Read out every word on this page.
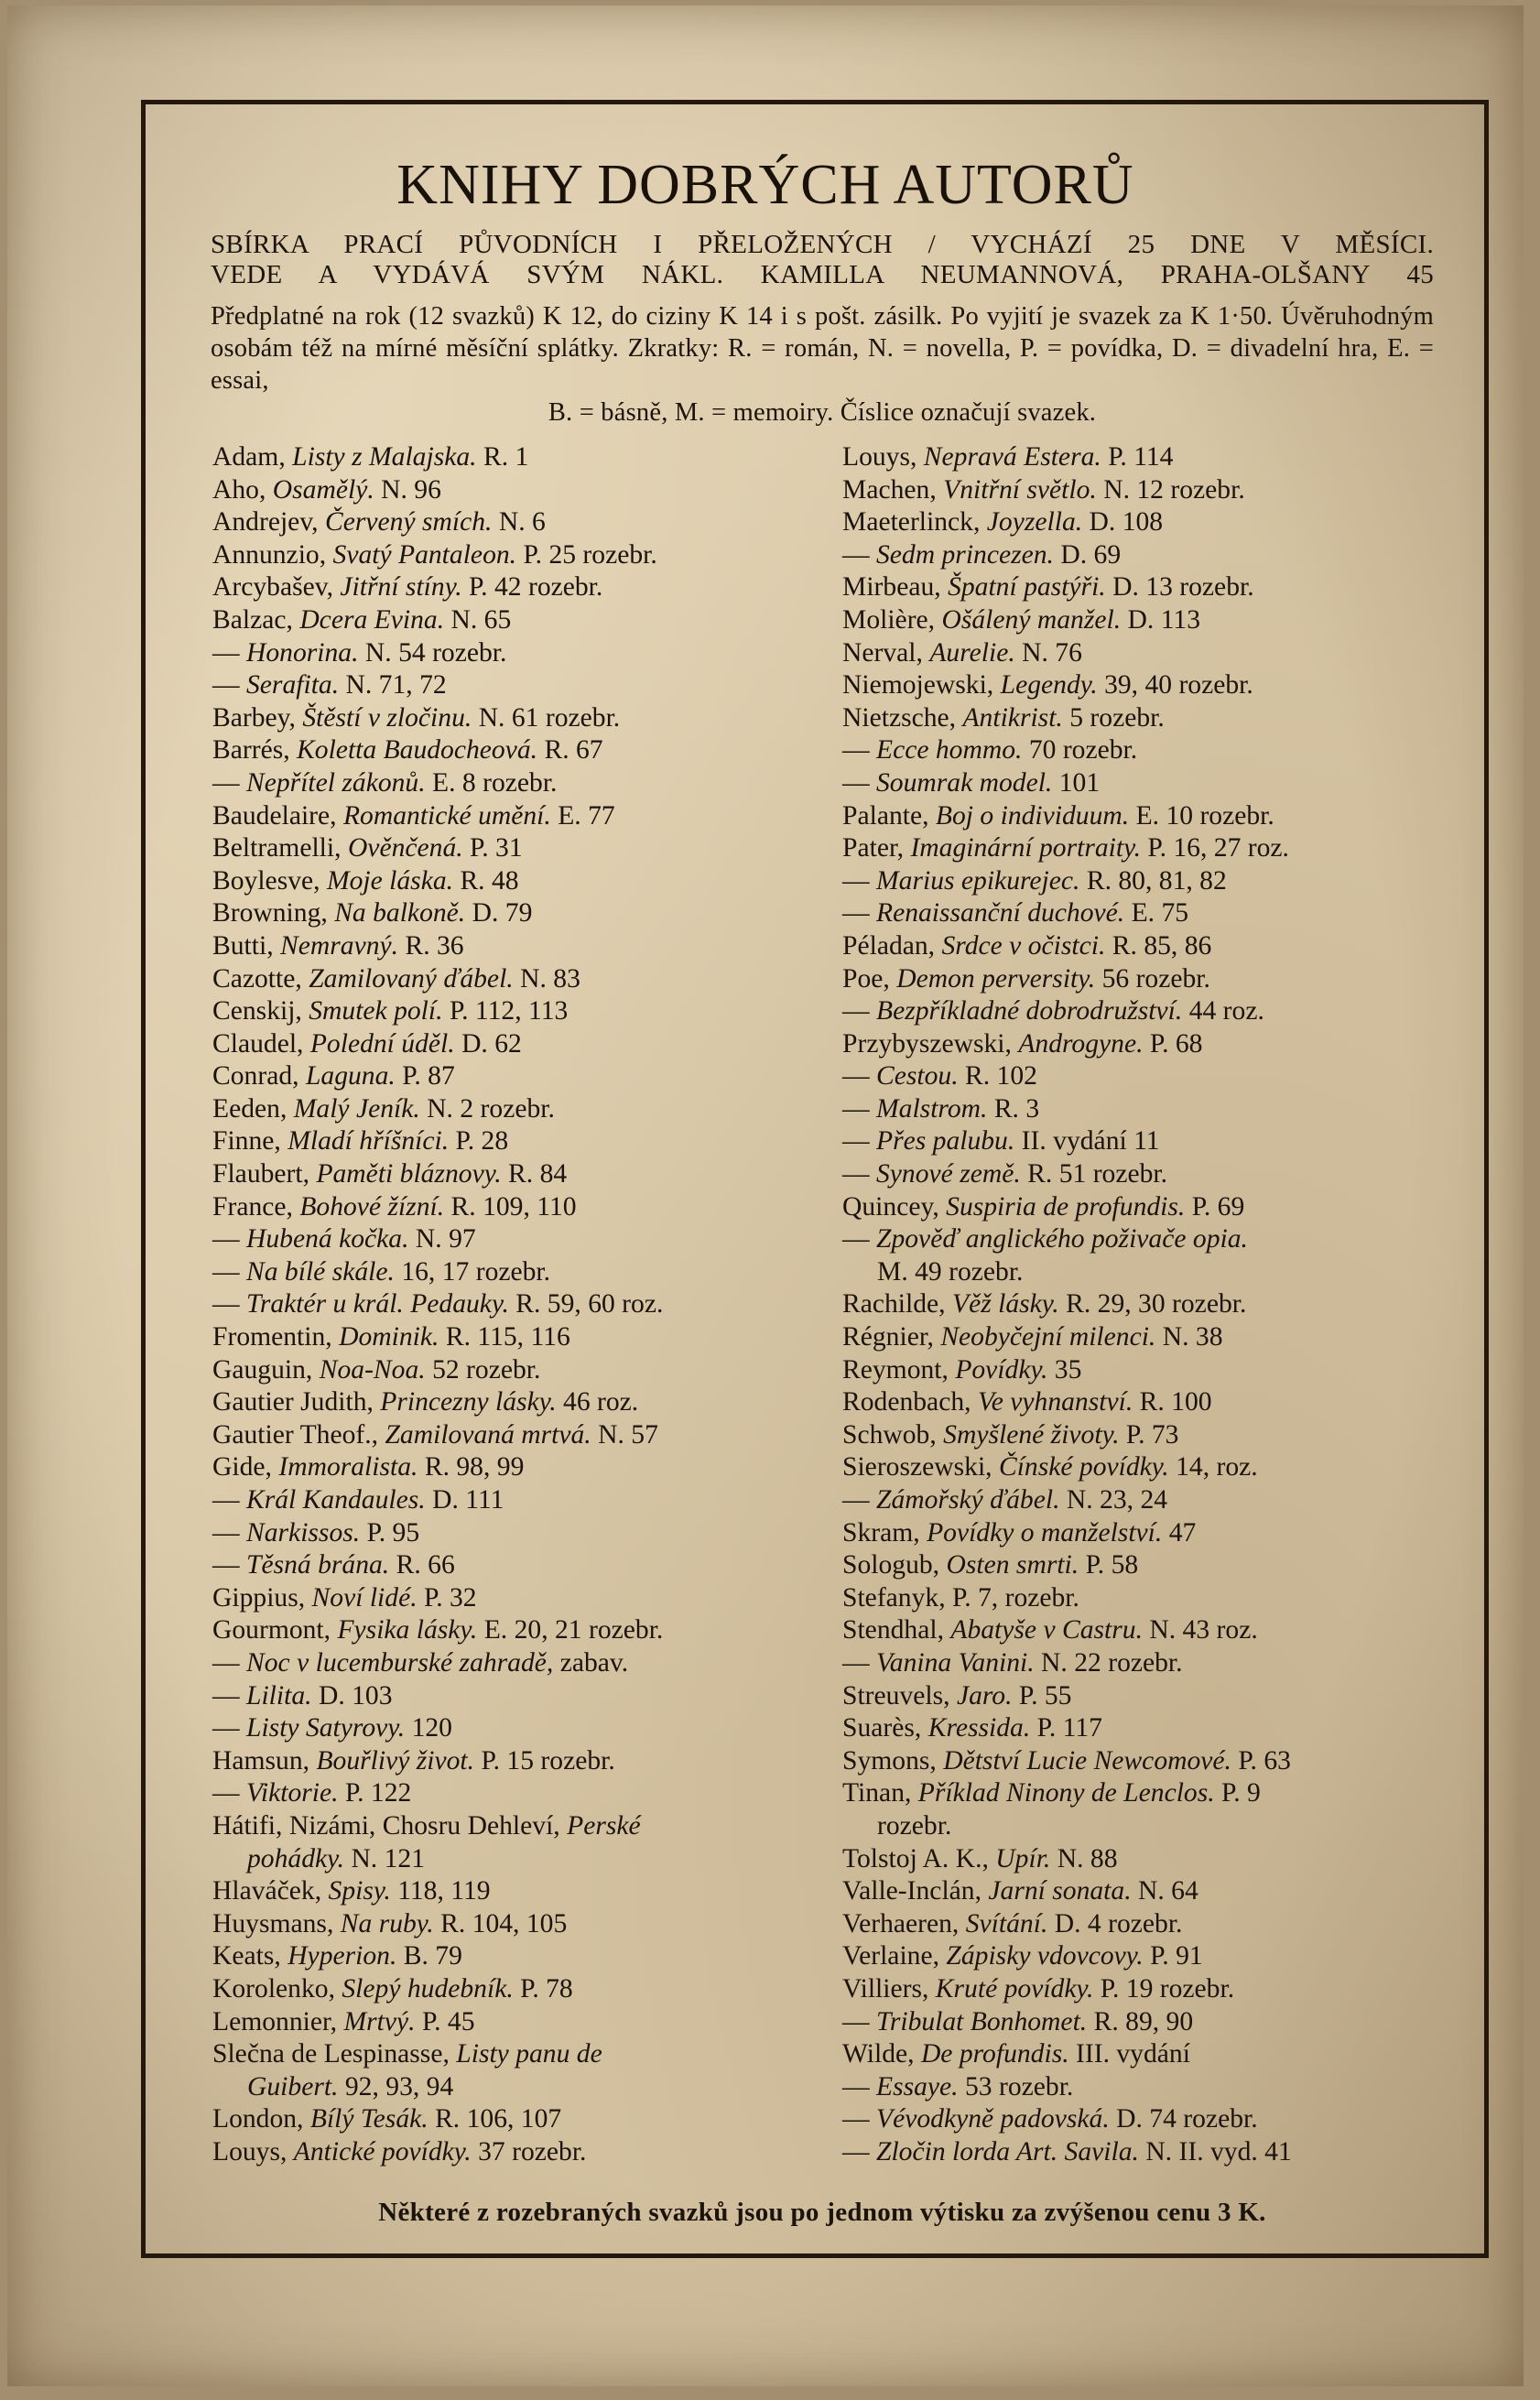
KNIHY DOBRÝCH AUTORŮ
SBÍRKA PRACÍ PŮVODNÍCH I PŘELOŽENÝCH / VYCHÁZÍ 25 DNE V MĚSÍCI.
VEDE A VYDÁVÁ SVÝM NÁKL. KAMILLA NEUMANNOVÁ, PRAHA-OLŠANY 45
Předplatné na rok (12 svazků) K 12, do ciziny K 14 i s pošt. zásilk. Po vyjití je svazek za K 1·50. Úvěruhodným osobám též na mírné měsíční splátky. Zkratky: R. = román, N. = novella, P. = povídka, D. = divadelní hra, E. = essai,
B. = básně, M. = memoiry. Číslice označují svazek.
Adam, Listy z Malajska. R. 1
Aho, Osamělý. N. 96
Andrejev, Červený smích. N. 6
Annunzio, Svatý Pantaleon. P. 25 rozebr.
Arcybašev, Jitřní stíny. P. 42 rozebr.
Balzac, Dcera Evina. N. 65
— Honorina. N. 54 rozebr.
— Serafita. N. 71, 72
Barbey, Štěstí v zločinu. N. 61 rozebr.
Barrés, Koletta Baudocheová. R. 67
— Nepřítel zákonů. E. 8 rozebr.
Baudelaire, Romantické umění. E. 77
Beltramelli, Ověnčená. P. 31
Boylesve, Moje láska. R. 48
Browning, Na balkoně. D. 79
Butti, Nemravný. R. 36
Cazotte, Zamilovaný ďábel. N. 83
Censkij, Smutek polí. P. 112, 113
Claudel, Polední úděl. D. 62
Conrad, Laguna. P. 87
Eeden, Malý Jeník. N. 2 rozebr.
Finne, Mladí hříšníci. P. 28
Flaubert, Paměti bláznovy. R. 84
France, Bohové žízní. R. 109, 110
— Hubená kočka. N. 97
— Na bílé skále. 16, 17 rozebr.
— Traktér u král. Pedauky. R. 59, 60 roz.
Fromentin, Dominik. R. 115, 116
Gauguin, Noa-Noa. 52 rozebr.
Gautier Judith, Princezny lásky. 46 roz.
Gautier Theof., Zamilovaná mrtvá. N. 57
Gide, Immoralista. R. 98, 99
— Král Kandaules. D. 111
— Narkissos. P. 95
— Těsná brána. R. 66
Gippius, Noví lidé. P. 32
Gourmont, Fysika lásky. E. 20, 21 rozebr.
— Noc v lucemburské zahradě, zabav.
— Lilita. D. 103
— Listy Satyrovy. 120
Hamsun, Bouřlivý život. P. 15 rozebr.
— Viktorie. P. 122
Hátifi, Nizámi, Chosru Dehleví, Perské
pohádky. N. 121
Hlaváček, Spisy. 118, 119
Huysmans, Na ruby. R. 104, 105
Keats, Hyperion. B. 79
Korolenko, Slepý hudebník. P. 78
Lemonnier, Mrtvý. P. 45
Slečna de Lespinasse, Listy panu de
Guibert. 92, 93, 94
London, Bílý Tesák. R. 106, 107
Louys, Antické povídky. 37 rozebr.
Louys, Nepravá Estera. P. 114
Machen, Vnitřní světlo. N. 12 rozebr.
Maeterlinck, Joyzella. D. 108
— Sedm princezen. D. 69
Mirbeau, Špatní pastýři. D. 13 rozebr.
Molière, Ošálený manžel. D. 113
Nerval, Aurelie. N. 76
Niemojewski, Legendy. 39, 40 rozebr.
Nietzsche, Antikrist. 5 rozebr.
— Ecce hommo. 70 rozebr.
— Soumrak model. 101
Palante, Boj o individuum. E. 10 rozebr.
Pater, Imaginární portraity. P. 16, 27 roz.
— Marius epikurejec. R. 80, 81, 82
— Renaissanční duchové. E. 75
Péladan, Srdce v očistci. R. 85, 86
Poe, Demon perversity. 56 rozebr.
— Bezpříkladné dobrodružství. 44 roz.
Przybyszewski, Androgyne. P. 68
— Cestou. R. 102
— Malstrom. R. 3
— Přes palubu. II. vydání 11
— Synové země. R. 51 rozebr.
Quincey, Suspiria de profundis. P. 69
— Zpověď anglického poživače opia.
M. 49 rozebr.
Rachilde, Věž lásky. R. 29, 30 rozebr.
Régnier, Neobyčejní milenci. N. 38
Reymont, Povídky. 35
Rodenbach, Ve vyhnanství. R. 100
Schwob, Smyšlené životy. P. 73
Sieroszewski, Čínské povídky. 14, roz.
— Zámořský ďábel. N. 23, 24
Skram, Povídky o manželství. 47
Sologub, Osten smrti. P. 58
Stefanyk, P. 7, rozebr.
Stendhal, Abatyše v Castru. N. 43 roz.
— Vanina Vanini. N. 22 rozebr.
Streuvels, Jaro. P. 55
Suarès, Kressida. P. 117
Symons, Dětství Lucie Newcomové. P. 63
Tinan, Příklad Ninony de Lenclos. P. 9
rozebr.
Tolstoj A. K., Upír. N. 88
Valle-Inclán, Jarní sonata. N. 64
Verhaeren, Svítání. D. 4 rozebr.
Verlaine, Zápisky vdovcovy. P. 91
Villiers, Kruté povídky. P. 19 rozebr.
— Tribulat Bonhomet. R. 89, 90
Wilde, De profundis. III. vydání
— Essaye. 53 rozebr.
— Vévodkyně padovská. D. 74 rozebr.
— Zločin lorda Art. Savila. N. II. vyd. 41
Některé z rozebraných svazků jsou po jednom výtisku za zvýšenou cenu 3 K.
